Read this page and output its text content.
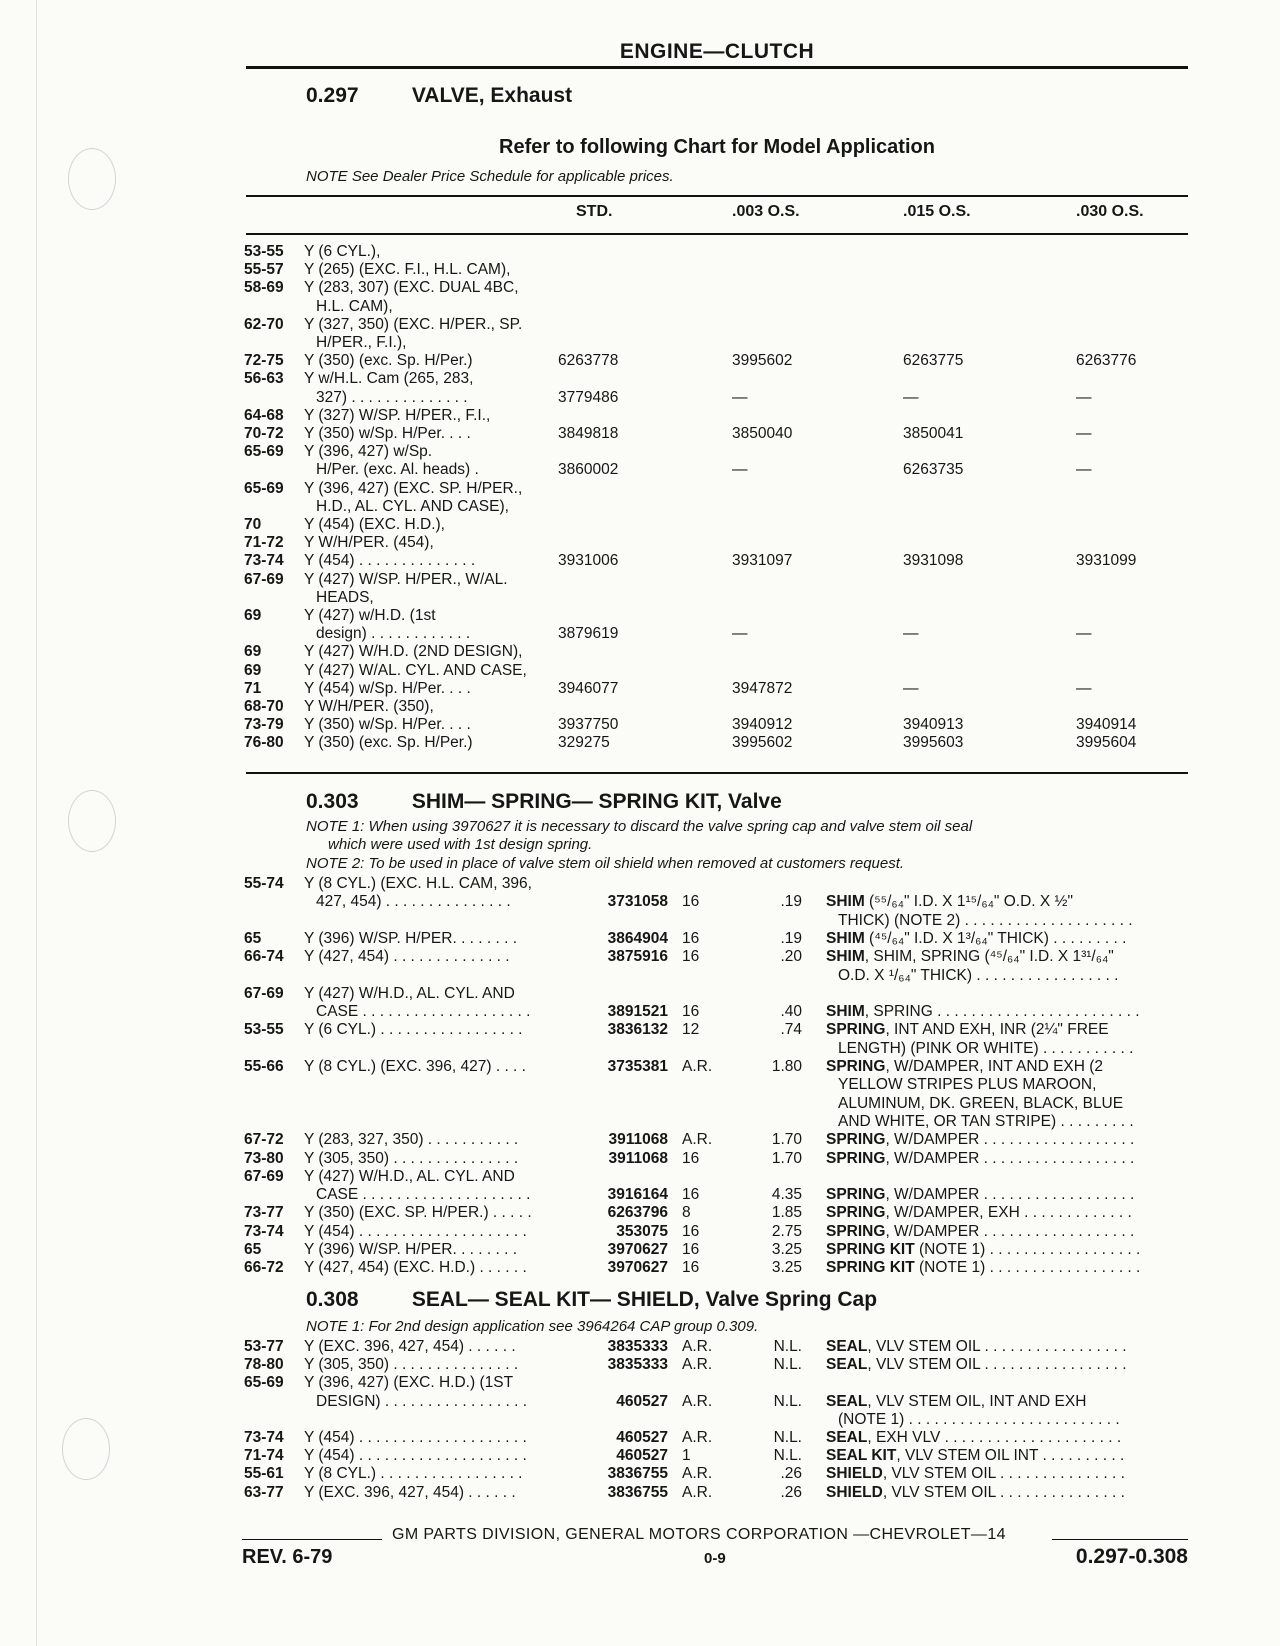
ENGINE—CLUTCH
0.297	VALVE, Exhaust
Refer to following Chart for Model Application
NOTE See Dealer Price Schedule for applicable prices.
STD.	.003 O.S.	.015 O.S.	.030 O.S.
53-55 Y (6 CYL.),
55-57 Y (265) (EXC. F.I., H.L. CAM),
58-69 Y (283, 307) (EXC. DUAL 4BC,
H.L. CAM),
62-70 Y (327, 350) (EXC. H/PER., SP.
H/PER., F.I.),
72-75 Y (350) (exc. Sp. H/Per.)	6263778	3995602	6263775	6263776
56-63 Y w/H.L. Cam (265, 283,
327) . . . . . . . . . . . . . .	3779486	—	—	—
64-68 Y (327) W/SP. H/PER., F.I.,
70-72 Y (350) w/Sp. H/Per. . . .	3849818	3850040	3850041	—
65-69 Y (396, 427) w/Sp.
H/Per. (exc. Al. heads) .	3860002	—	6263735	—
65-69 Y (396, 427) (EXC. SP. H/PER.,
H.D., AL. CYL. AND CASE),
70	Y (454) (EXC. H.D.),
71-72 Y W/H/PER. (454),
73-74 Y (454) . . . . . . . . . . . . . .	3931006	3931097	3931098	3931099
67-69 Y (427) W/SP. H/PER., W/AL.
HEADS,
69	Y (427) w/H.D. (1st
design) . . . . . . . . . . . .	3879619	—	—	—
69	Y (427) W/H.D. (2ND DESIGN),
69	Y (427) W/AL. CYL. AND CASE,
71	Y (454) w/Sp. H/Per. . . .	3946077	3947872	—	—
68-70 Y W/H/PER. (350),
73-79 Y (350) w/Sp. H/Per. . . .	3937750	3940912	3940913	3940914
76-80 Y (350) (exc. Sp. H/Per.)	329275	3995602	3995603	3995604
0.303	SHIM— SPRING— SPRING KIT, Valve
NOTE 1: When using 3970627 it is necessary to discard the valve spring cap and valve stem oil seal
which were used with 1st design spring.
NOTE 2: To be used in place of valve stem oil shield when removed at customers request.
55-74 Y (8 CYL.) (EXC. H.L. CAM, 396,
427, 454) . . . . . . . . . . . . . . .	3731058 16	.19 SHIM (⁵⁵/₆₄" I.D. X 1¹⁵/₆₄" O.D. X ½"
THICK) (NOTE 2) . . . . . . . . . . . . . . . . . . . .
65	Y (396) W/SP. H/PER. . . . . . . .	3864904 16	.19 SHIM (⁴⁵/₆₄" I.D. X 1³/₆₄" THICK) . . . . . . . . .
66-74 Y (427, 454) . . . . . . . . . . . . . .	3875916 16	.20 SHIM, SHIM, SPRING (⁴⁵/₆₄" I.D. X 1³¹/₆₄"
O.D. X ¹/₆₄" THICK) . . . . . . . . . . . . . . . . .
67-69 Y (427) W/H.D., AL. CYL. AND
CASE . . . . . . . . . . . . . . . . . . . .	3891521 16	.40 SHIM, SPRING . . . . . . . . . . . . . . . . . . . . . . . .
53-55 Y (6 CYL.) . . . . . . . . . . . . . . . . .	3836132 12	.74 SPRING, INT AND EXH, INR (2¼" FREE
LENGTH) (PINK OR WHITE) . . . . . . . . . . .
55-66 Y (8 CYL.) (EXC. 396, 427) . . . .	3735381 A.R.	1.80 SPRING, W/DAMPER, INT AND EXH (2
YELLOW STRIPES PLUS MAROON,
ALUMINUM, DK. GREEN, BLACK, BLUE
AND WHITE, OR TAN STRIPE) . . . . . . . . .
67-72 Y (283, 327, 350) . . . . . . . . . . .	3911068 A.R.	1.70 SPRING, W/DAMPER . . . . . . . . . . . . . . . . . .
73-80 Y (305, 350) . . . . . . . . . . . . . . .	3911068 16	1.70 SPRING, W/DAMPER . . . . . . . . . . . . . . . . . .
67-69 Y (427) W/H.D., AL. CYL. AND
CASE . . . . . . . . . . . . . . . . . . . .	3916164 16	4.35 SPRING, W/DAMPER . . . . . . . . . . . . . . . . . .
73-77 Y (350) (EXC. SP. H/PER.) . . . . .	6263796 8	1.85 SPRING, W/DAMPER, EXH . . . . . . . . . . . . .
73-74 Y (454) . . . . . . . . . . . . . . . . . . . .	353075 16	2.75 SPRING, W/DAMPER . . . . . . . . . . . . . . . . . .
65	Y (396) W/SP. H/PER. . . . . . . .	3970627 16	3.25 SPRING KIT (NOTE 1) . . . . . . . . . . . . . . . . . .
66-72 Y (427, 454) (EXC. H.D.) . . . . . .	3970627 16	3.25 SPRING KIT (NOTE 1) . . . . . . . . . . . . . . . . . .
0.308	SEAL— SEAL KIT— SHIELD, Valve Spring Cap
NOTE 1: For 2nd design application see 3964264 CAP group 0.309.
53-77 Y (EXC. 396, 427, 454) . . . . . .	3835333 A.R.	N.L. SEAL, VLV STEM OIL . . . . . . . . . . . . . . . . .
78-80 Y (305, 350) . . . . . . . . . . . . . . .	3835333 A.R.	N.L. SEAL, VLV STEM OIL . . . . . . . . . . . . . . . . .
65-69 Y (396, 427) (EXC. H.D.) (1ST
DESIGN) . . . . . . . . . . . . . . . . .	460527 A.R.	N.L. SEAL, VLV STEM OIL, INT AND EXH
(NOTE 1) . . . . . . . . . . . . . . . . . . . . . . . . .
73-74 Y (454) . . . . . . . . . . . . . . . . . . . .	460527 A.R.	N.L. SEAL, EXH VLV . . . . . . . . . . . . . . . . . . . . .
71-74 Y (454) . . . . . . . . . . . . . . . . . . . .	460527 1	N.L. SEAL KIT, VLV STEM OIL INT . . . . . . . . . .
55-61 Y (8 CYL.) . . . . . . . . . . . . . . . . .	3836755 A.R.	.26 SHIELD, VLV STEM OIL . . . . . . . . . . . . . . .
63-77 Y (EXC. 396, 427, 454) . . . . . .	3836755 A.R.	.26 SHIELD, VLV STEM OIL . . . . . . . . . . . . . . .
GM PARTS DIVISION, GENERAL MOTORS CORPORATION —CHEVROLET—14
REV. 6-79	0-9	0.297-0.308
